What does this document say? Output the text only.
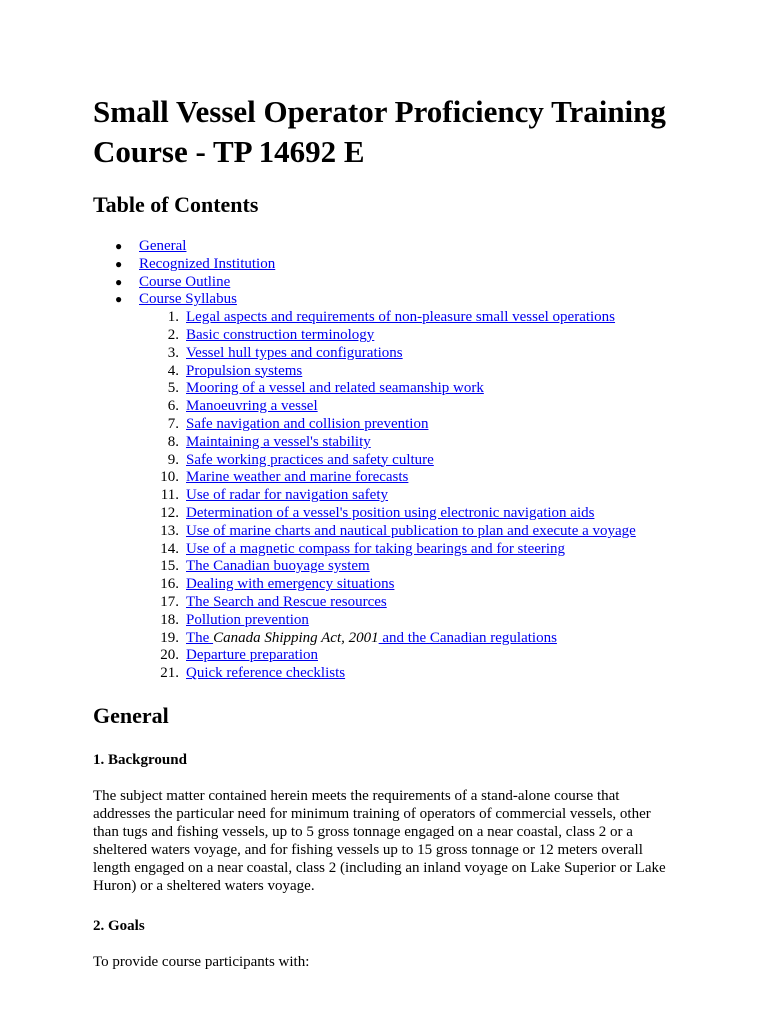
Small Vessel Operator Proficiency Training Course - TP 14692 E
Table of Contents
● General
● Recognized Institution
● Course Outline
● Course Syllabus
1. Legal aspects and requirements of non-pleasure small vessel operations
2. Basic construction terminology
3. Vessel hull types and configurations
4. Propulsion systems
5. Mooring of a vessel and related seamanship work
6. Manoeuvring a vessel
7. Safe navigation and collision prevention
8. Maintaining a vessel's stability
9. Safe working practices and safety culture
10. Marine weather and marine forecasts
11. Use of radar for navigation safety
12. Determination of a vessel's position using electronic navigation aids
13. Use of marine charts and nautical publication to plan and execute a voyage
14. Use of a magnetic compass for taking bearings and for steering
15. The Canadian buoyage system
16. Dealing with emergency situations
17. The Search and Rescue resources
18. Pollution prevention
19. The Canada Shipping Act, 2001 and the Canadian regulations
20. Departure preparation
21. Quick reference checklists
General
1. Background

The subject matter contained herein meets the requirements of a stand-alone course that addresses the particular need for minimum training of operators of commercial vessels, other than tugs and fishing vessels, up to 5 gross tonnage engaged on a near coastal, class 2 or a sheltered waters voyage, and for fishing vessels up to 15 gross tonnage or 12 meters overall length engaged on a near coastal, class 2 (including an inland voyage on Lake Superior or Lake Huron) or a sheltered waters voyage.

2. Goals

To provide course participants with:
